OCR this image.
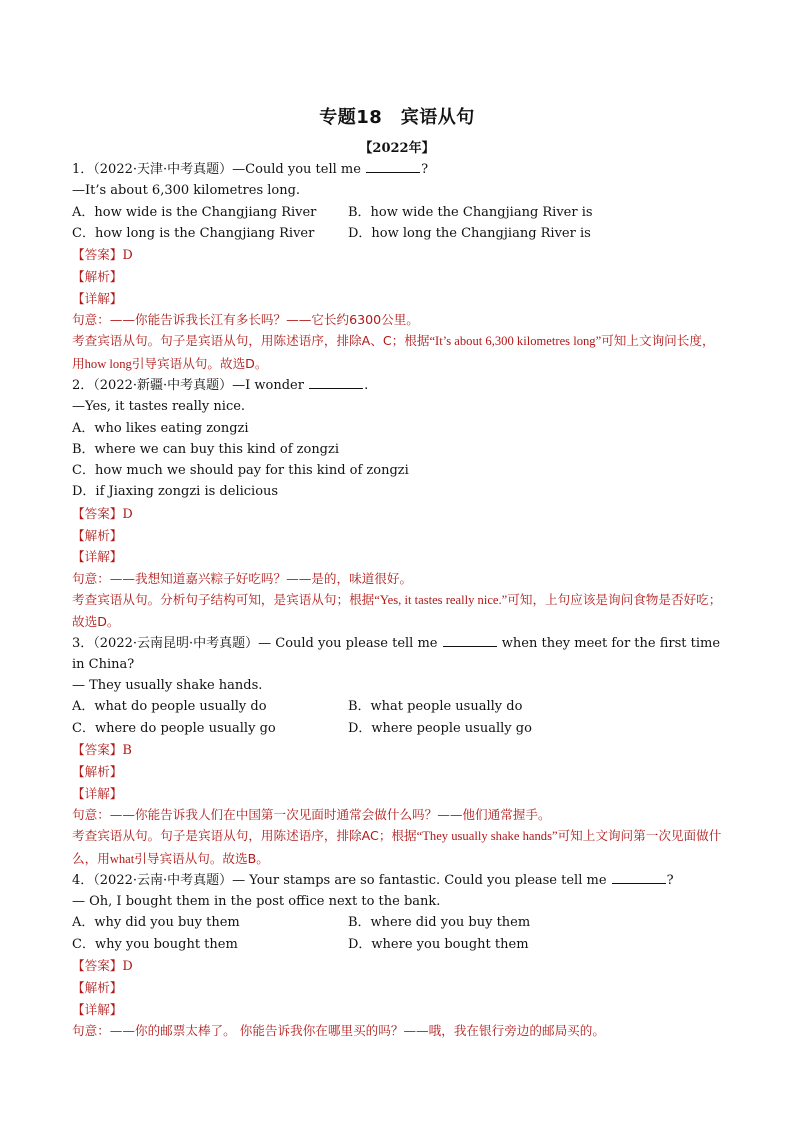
专题18　宾语从句
【2022年】
1．（2022·天津·中考真题）—Could you tell me	?
—It’s about 6,300 kilometres long.
A．how wide is the Changjiang River	B．how wide the Changjiang River is
C．how long is the Changjiang River	D．how long the Changjiang River is
【答案】D
【解析】
【详解】
句意：——你能告诉我长江有多长吗？——它长约6300公里。
考查宾语从句。句子是宾语从句，用陈述语序，排除A、C；根据“It’s about 6,300 kilometres long”可知上文询问长度，用how long引导宾语从句。故选D。
2．（2022·新疆·中考真题）—I wonder	.
—Yes, it tastes really nice.
A．who likes eating zongzi
B．where we can buy this kind of zongzi
C．how much we should pay for this kind of zongzi
D．if Jiaxing zongzi is delicious
【答案】D
【解析】
【详解】
句意：——我想知道嘉兴粽子好吃吗？——是的，味道很好。
考查宾语从句。分析句子结构可知，是宾语从句；根据“Yes, it tastes really nice.”可知，上句应该是询问食物是否好吃；故选D。
3．（2022·云南昆明·中考真题）— Could you please tell me	when they meet for the first time in China?
— They usually shake hands.
A．what do people usually do	B．what people usually do
C．where do people usually go	D．where people usually go
【答案】B
【解析】
【详解】
句意：——你能告诉我人们在中国第一次见面时通常会做什么吗？——他们通常握手。
考查宾语从句。句子是宾语从句，用陈述语序，排除AC；根据“They usually shake hands”可知上文询问第一次见面做什么，用what引导宾语从句。故选B。
4．（2022·云南·中考真题）— Your stamps are so fantastic. Could you please tell me	?
— Oh, I bought them in the post office next to the bank.
A．why did you buy them	B．where did you buy them
C．why you bought them	D．where you bought them
【答案】D
【解析】
【详解】
句意：——你的邮票太棒了。 你能告诉我你在哪里买的吗？——哦，我在银行旁边的邮局买的。
